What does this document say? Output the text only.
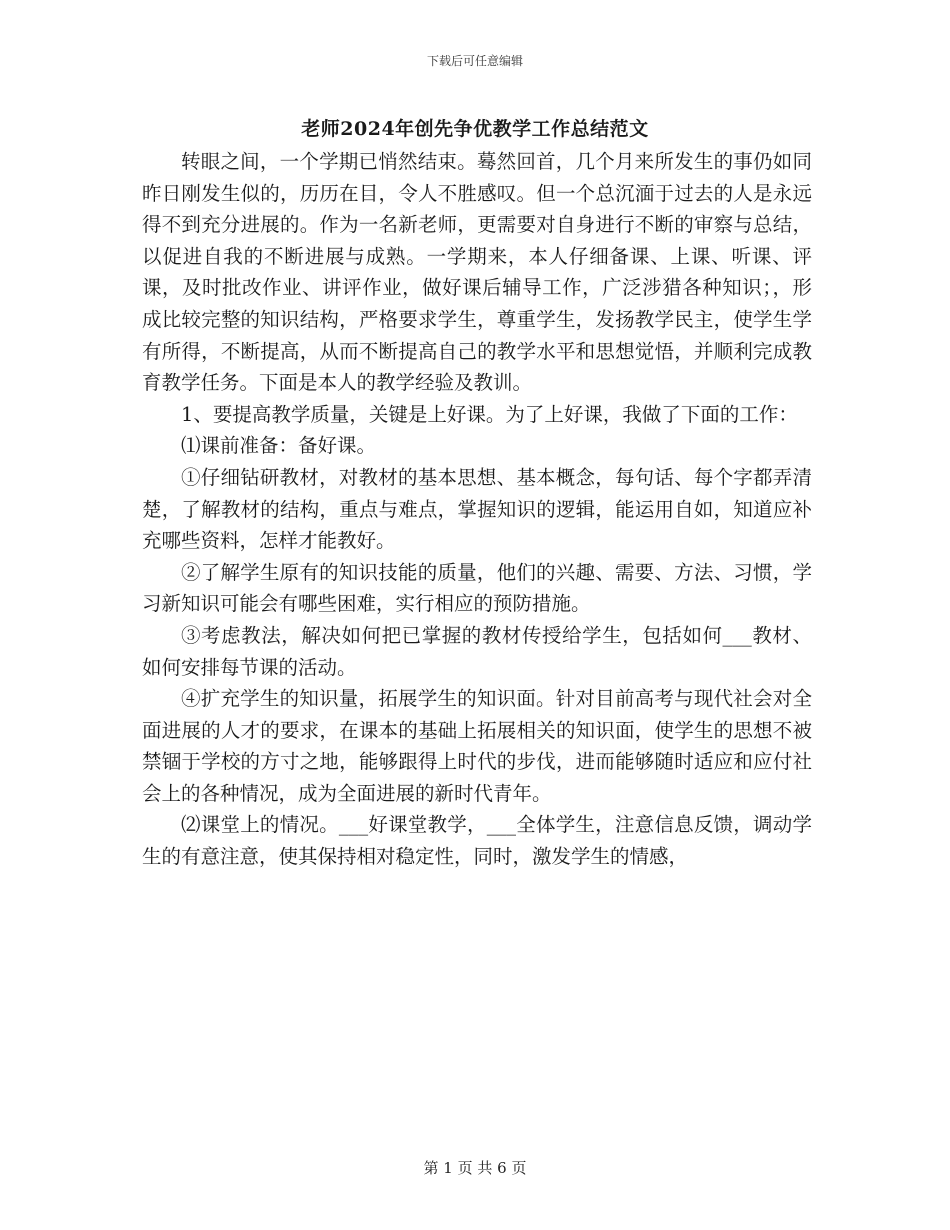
下载后可任意编辑
老师2024年创先争优教学工作总结范文

转眼之间，一个学期已悄然结束。蓦然回首，几个月来所发生的事仍如同昨日刚发生似的，历历在目，令人不胜感叹。但一个总沉湎于过去的人是永远得不到充分进展的。作为一名新老师，更需要对自身进行不断的审察与总结，以促进自我的不断进展与成熟。一学期来，本人仔细备课、上课、听课、评课，及时批改作业、讲评作业，做好课后辅导工作，广泛涉猎各种知识；，形成比较完整的知识结构，严格要求学生，尊重学生，发扬教学民主，使学生学有所得，不断提高，从而不断提高自己的教学水平和思想觉悟，并顺利完成教育教学任务。下面是本人的教学经验及教训。

1、要提高教学质量，关键是上好课。为了上好课，我做了下面的工作：

⑴课前准备：备好课。

①仔细钻研教材，对教材的基本思想、基本概念，每句话、每个字都弄清楚，了解教材的结构，重点与难点，掌握知识的逻辑，能运用自如，知道应补充哪些资料，怎样才能教好。

②了解学生原有的知识技能的质量，他们的兴趣、需要、方法、习惯，学习新知识可能会有哪些困难，实行相应的预防措施。

③考虑教法，解决如何把已掌握的教材传授给学生，包括如何___教材、如何安排每节课的活动。

④扩充学生的知识量，拓展学生的知识面。针对目前高考与现代社会对全面进展的人才的要求，在课本的基础上拓展相关的知识面，使学生的思想不被禁锢于学校的方寸之地，能够跟得上时代的步伐，进而能够随时适应和应付社会上的各种情况，成为全面进展的新时代青年。

⑵课堂上的情况。___好课堂教学，___全体学生，注意信息反馈，调动学生的有意注意，使其保持相对稳定性，同时，激发学生的情感，

第 1 页 共 6 页
